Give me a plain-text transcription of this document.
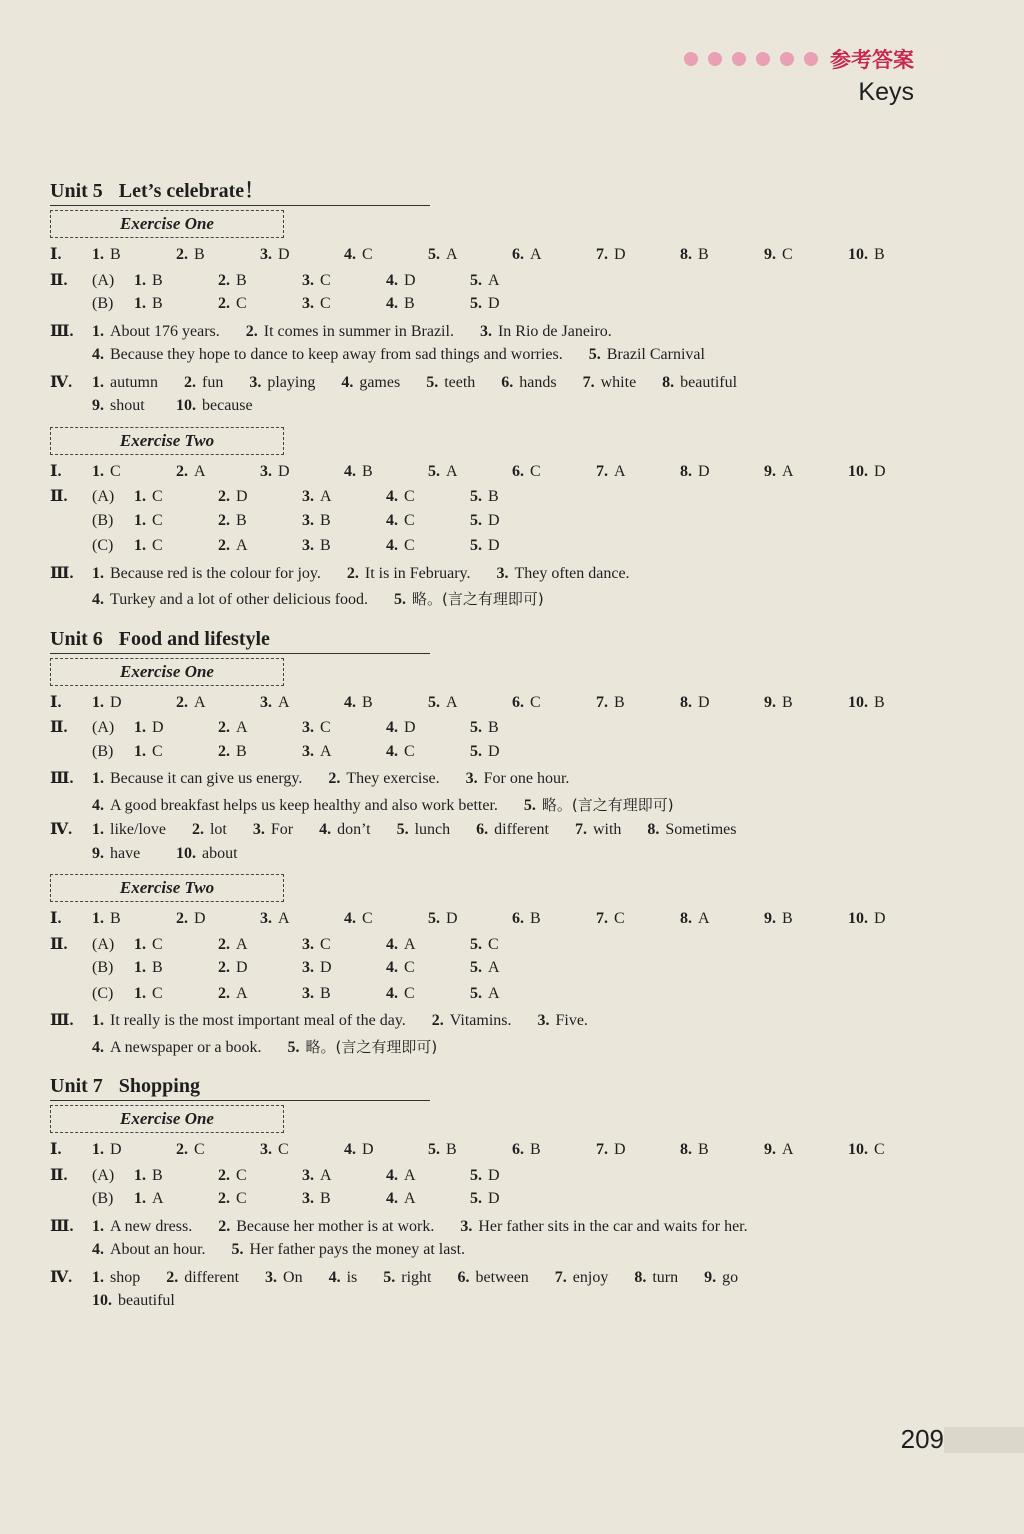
参考答案
Keys
Unit 5 Let’s celebrate！
Exercise One
Ⅰ.	1. B	2. B	3. D	4. C	5. A	6. A	7. D	8. B	9. C	10. B
Ⅱ.	(A)	1. B	2. B	3. C	4. D	5. A
(B)	1. B	2. C	3. C	4. B	5. D
Ⅲ.	1. About 176 years. 2. It comes in summer in Brazil. 3. In Rio de Janeiro.
4. Because they hope to dance to keep away from sad things and worries. 5. Brazil Carnival
Ⅳ.	1. autumn 2. fun 3. playing 4. games 5. teeth 6. hands 7. white 8. beautiful
9. shout	10. because
Exercise Two
Ⅰ.	1. C	2. A	3. D	4. B	5. A	6. C	7. A	8. D	9. A	10. D
Ⅱ.	(A)	1. C	2. D	3. A	4. C	5. B
(B)	1. C	2. B	3. B	4. C	5. D
(C)	1. C	2. A	3. B	4. C	5. D
Ⅲ.	1. Because red is the colour for joy. 2. It is in February. 3. They often dance.
4. Turkey and a lot of other delicious food. 5. 略。(言之有理即可)
Unit 6 Food and lifestyle
Exercise One
Ⅰ.	1. D	2. A	3. A	4. B	5. A	6. C	7. B	8. D	9. B	10. B
Ⅱ.	(A)	1. D	2. A	3. C	4. D	5. B
(B)	1. C	2. B	3. A	4. C	5. D
Ⅲ.	1. Because it can give us energy. 2. They exercise. 3. For one hour.
4. A good breakfast helps us keep healthy and also work better. 5. 略。(言之有理即可)
Ⅳ.	1. like/love 2. lot 3. For 4. don’t 5. lunch 6. different 7. with 8. Sometimes
9. have	10. about
Exercise Two
Ⅰ.	1. B	2. D	3. A	4. C	5. D	6. B	7. C	8. A	9. B	10. D
Ⅱ.	(A)	1. C	2. A	3. C	4. A	5. C
(B)	1. B	2. D	3. D	4. C	5. A
(C)	1. C	2. A	3. B	4. C	5. A
Ⅲ.	1. It really is the most important meal of the day. 2. Vitamins. 3. Five.
4. A newspaper or a book. 5. 略。(言之有理即可)
Unit 7 Shopping
Exercise One
Ⅰ.	1. D	2. C	3. C	4. D	5. B	6. B	7. D	8. B	9. A	10. C
Ⅱ.	(A)	1. B	2. C	3. A	4. A	5. D
(B)	1. A	2. C	3. B	4. A	5. D
Ⅲ.	1. A new dress. 2. Because her mother is at work. 3. Her father sits in the car and waits for her.
4. About an hour. 5. Her father pays the money at last.
Ⅳ.	1. shop 2. different 3. On 4. is 5. right 6. between 7. enjoy 8. turn 9. go
10. beautiful
209
